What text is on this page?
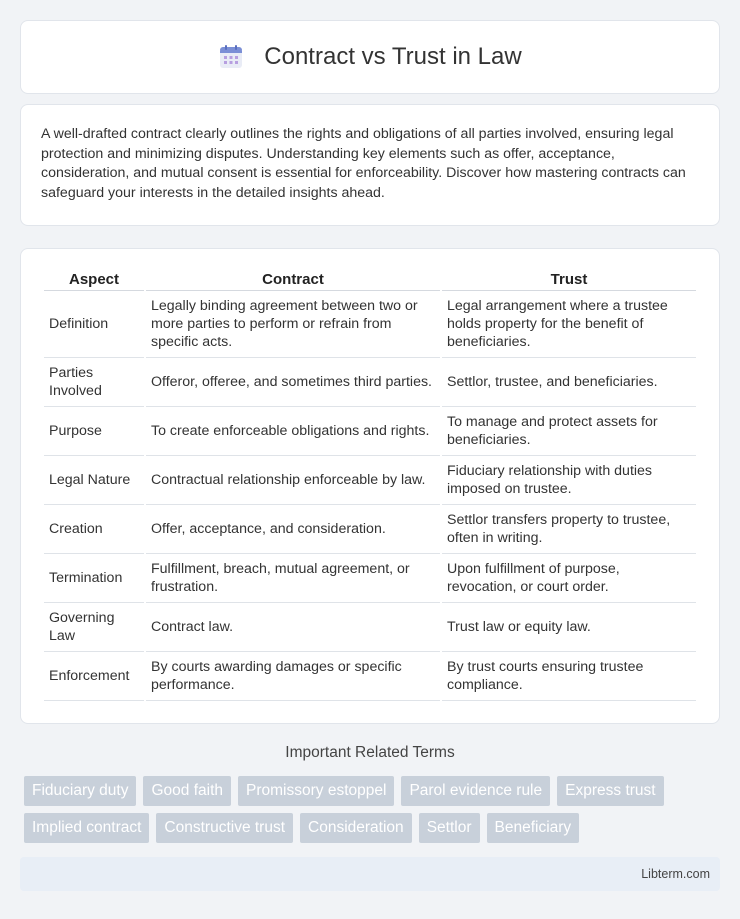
Contract vs Trust in Law

A well-drafted contract clearly outlines the rights and obligations of all parties involved, ensuring legal protection and minimizing disputes. Understanding key elements such as offer, acceptance, consideration, and mutual consent is essential for enforceability. Discover how mastering contracts can safeguard your interests in the detailed insights ahead.

Aspect	Contract	Trust
Definition	Legally binding agreement between two or more parties to perform or refrain from specific acts.	Legal arrangement where a trustee holds property for the benefit of beneficiaries.
Parties Involved	Offeror, offeree, and sometimes third parties.	Settlor, trustee, and beneficiaries.
Purpose	To create enforceable obligations and rights.	To manage and protect assets for beneficiaries.
Legal Nature	Contractual relationship enforceable by law.	Fiduciary relationship with duties imposed on trustee.
Creation	Offer, acceptance, and consideration.	Settlor transfers property to trustee, often in writing.
Termination	Fulfillment, breach, mutual agreement, or frustration.	Upon fulfillment of purpose, revocation, or court order.
Governing Law	Contract law.	Trust law or equity law.
Enforcement	By courts awarding damages or specific performance.	By trust courts ensuring trustee compliance.
Important Related Terms
Fiduciary duty	Good faith	Promissory estoppel	Parol evidence rule	Express trust
Implied contract	Constructive trust	Consideration	Settlor	Beneficiary
Libterm.com
